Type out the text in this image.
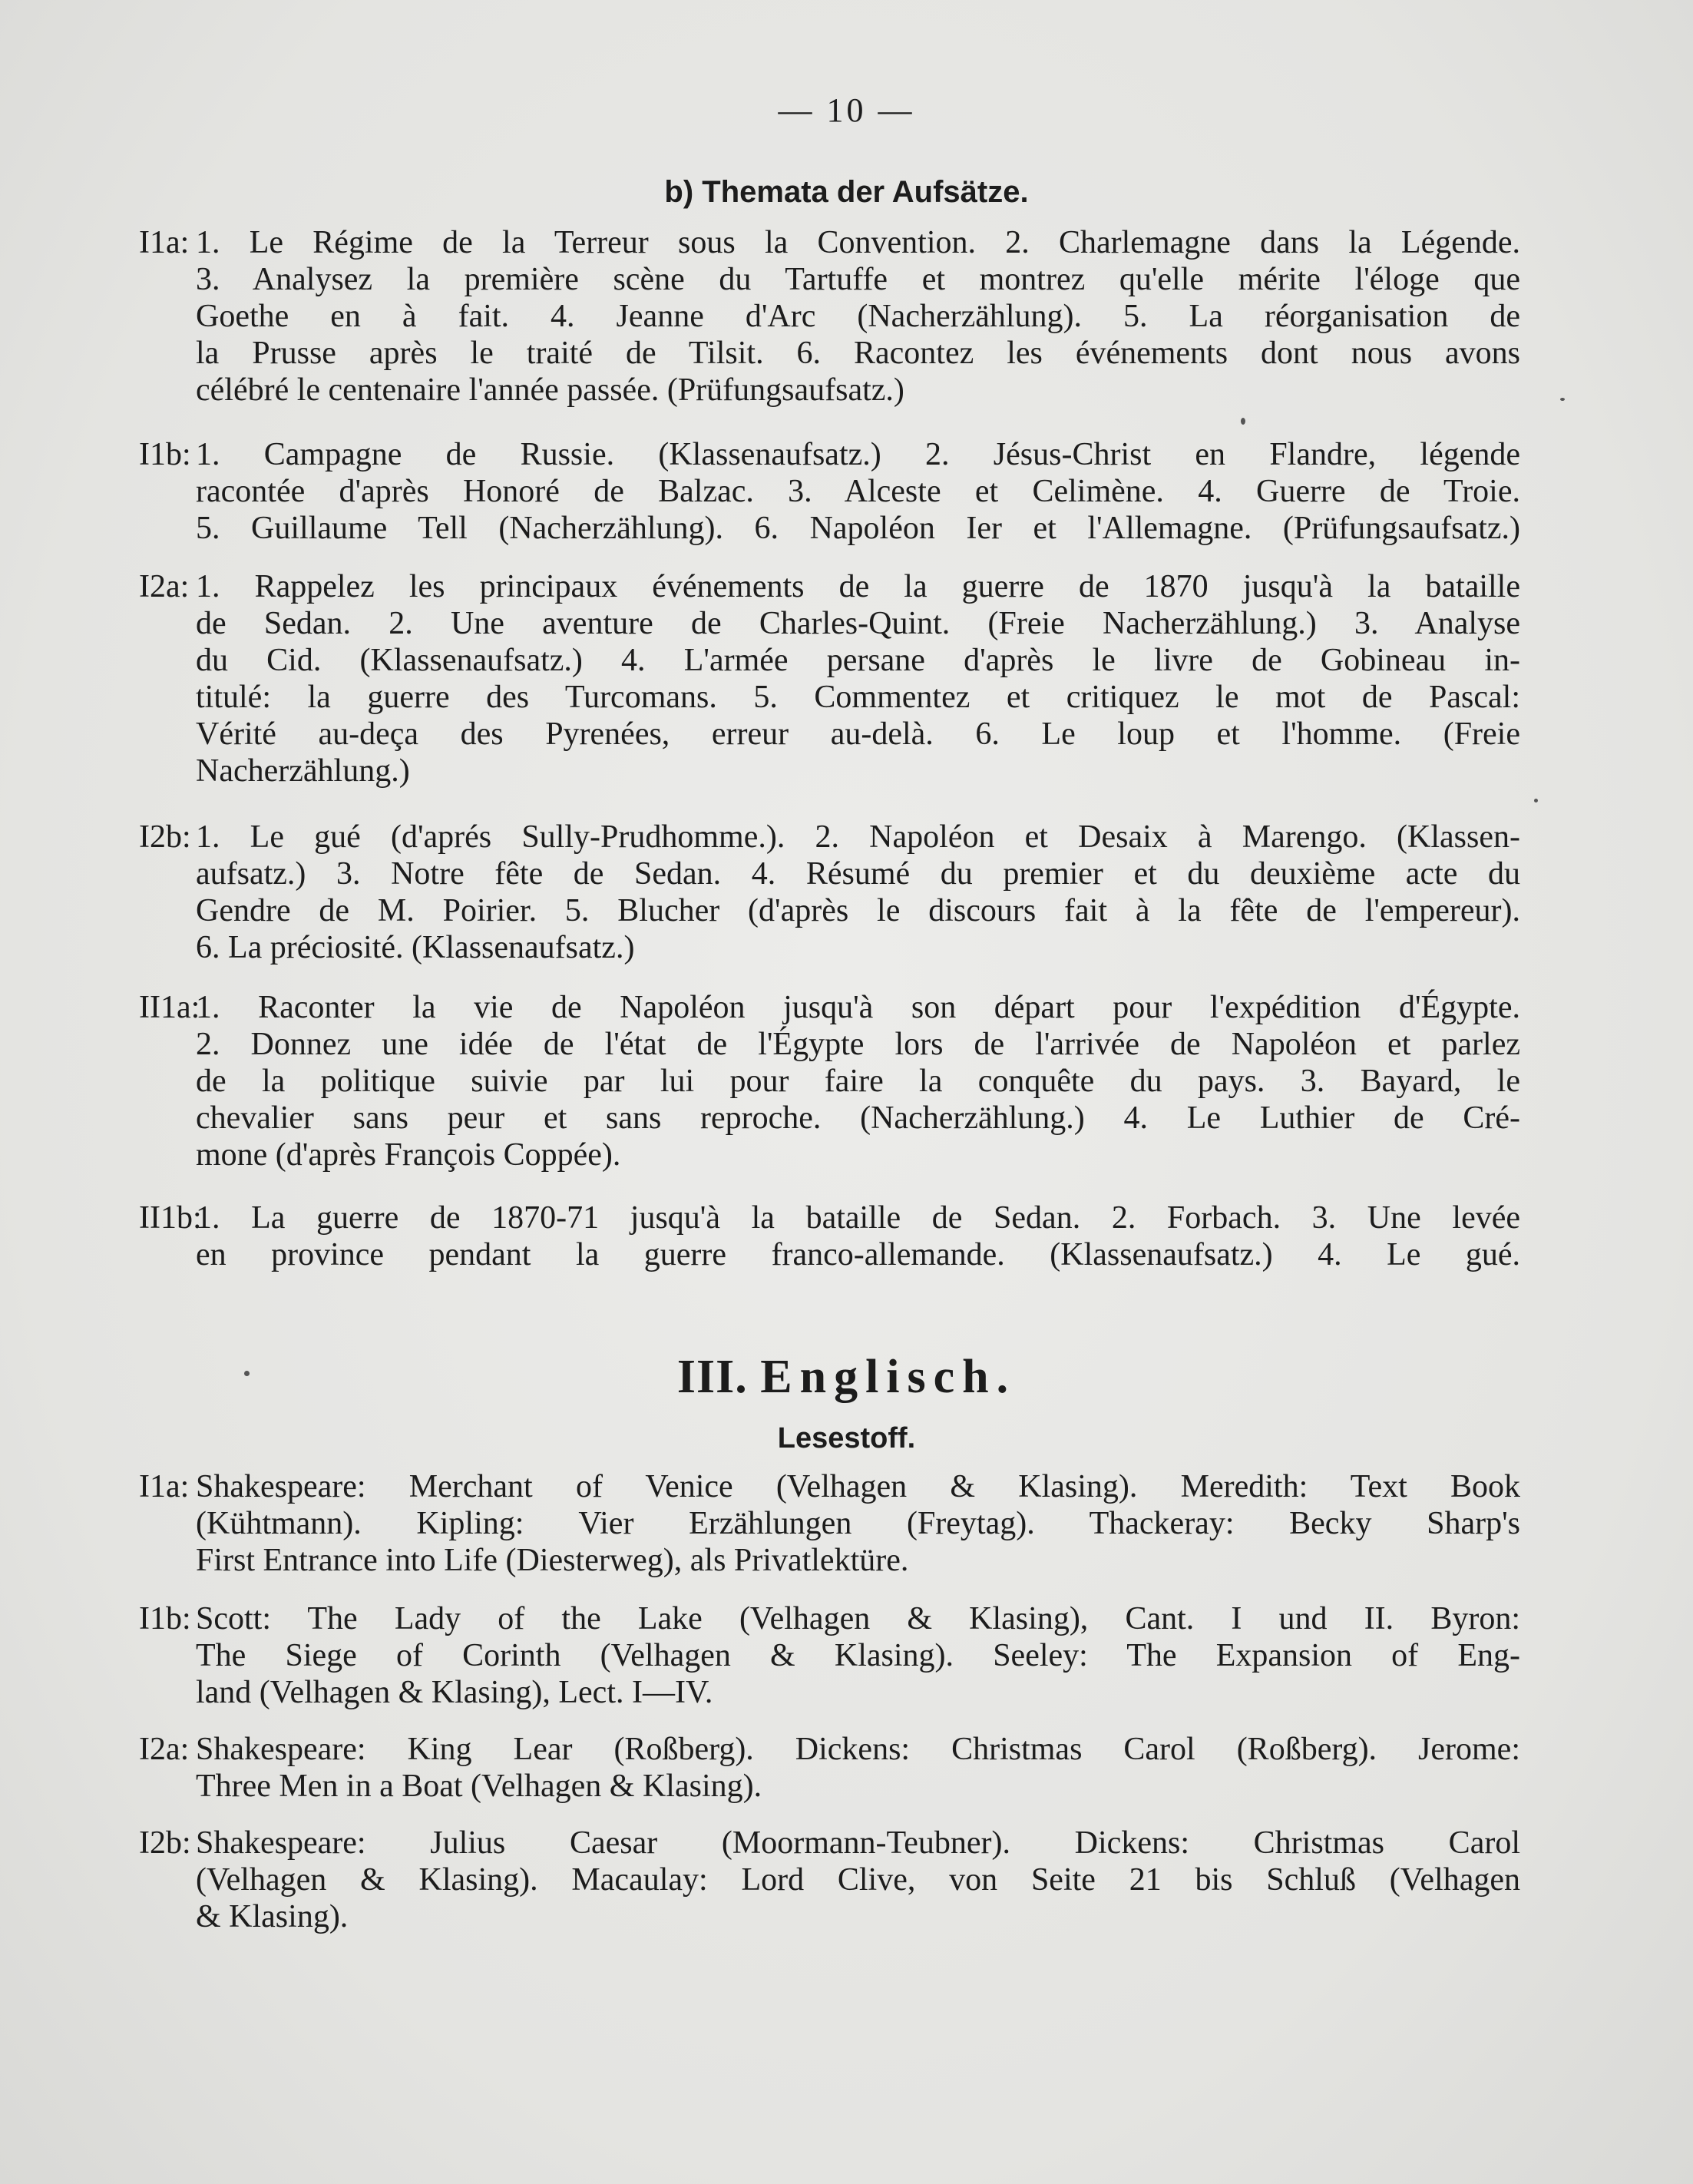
— 10 —
b) Themata der Aufsätze.
I1a: 1. Le Régime de la Terreur sous la Convention. 2. Charlemagne dans la Légende.
3. Analysez la première scène du Tartuffe et montrez qu'elle mérite l'éloge que
Goethe en à fait. 4. Jeanne d'Arc (Nacherzählung). 5. La réorganisation de
la Prusse après le traité de Tilsit. 6. Racontez les événements dont nous avons
célébré le centenaire l'année passée. (Prüfungsaufsatz.)
I1b: 1. Campagne de Russie. (Klassenaufsatz.) 2. Jésus-Christ en Flandre, légende
racontée d'après Honoré de Balzac. 3. Alceste et Celimène. 4. Guerre de Troie.
5. Guillaume Tell (Nacherzählung). 6. Napoléon Ier et l'Allemagne. (Prüfungsaufsatz.)
I2a: 1. Rappelez les principaux événements de la guerre de 1870 jusqu'à la bataille
de Sedan. 2. Une aventure de Charles-Quint. (Freie Nacherzählung.) 3. Analyse
du Cid. (Klassenaufsatz.) 4. L'armée persane d'après le livre de Gobineau in-
titulé: la guerre des Turcomans. 5. Commentez et critiquez le mot de Pascal:
Vérité au-deça des Pyrenées, erreur au-delà. 6. Le loup et l'homme. (Freie
Nacherzählung.)
I2b: 1. Le gué (d'aprés Sully-Prudhomme.). 2. Napoléon et Desaix à Marengo. (Klassen-
aufsatz.) 3. Notre fête de Sedan. 4. Résumé du premier et du deuxième acte du
Gendre de M. Poirier. 5. Blucher (d'après le discours fait à la fête de l'empereur).
6. La préciosité. (Klassenaufsatz.)
II1a:
1. Raconter la vie de Napoléon jusqu'à son départ pour l'expédition d'Égypte.
2. Donnez une idée de l'état de l'Égypte lors de l'arrivée de Napoléon et parlez
de la politique suivie par lui pour faire la conquête du pays. 3. Bayard, le
chevalier sans peur et sans reproche. (Nacherzählung.) 4. Le Luthier de Cré-
mone (d'après François Coppée).
II1b:
1. La guerre de 1870-71 jusqu'à la bataille de Sedan. 2. Forbach. 3. Une levée
en province pendant la guerre franco-allemande. (Klassenaufsatz.) 4. Le gué.
III. Englisch.
Lesestoff.
I1a: Shakespeare: Merchant of Venice (Velhagen & Klasing). Meredith: Text Book
(Kühtmann). Kipling: Vier Erzählungen (Freytag). Thackeray: Becky Sharp's
First Entrance into Life (Diesterweg), als Privatlektüre.
I1b: Scott: The Lady of the Lake (Velhagen & Klasing), Cant. I und II. Byron:
The Siege of Corinth (Velhagen & Klasing). Seeley: The Expansion of Eng-
land (Velhagen & Klasing), Lect. I—IV.
I2a: Shakespeare: King Lear (Roßberg). Dickens: Christmas Carol (Roßberg). Jerome:
Three Men in a Boat (Velhagen & Klasing).
I2b: Shakespeare: Julius Caesar (Moormann-Teubner). Dickens: Christmas Carol
(Velhagen & Klasing). Macaulay: Lord Clive, von Seite 21 bis Schluß (Velhagen
& Klasing).
